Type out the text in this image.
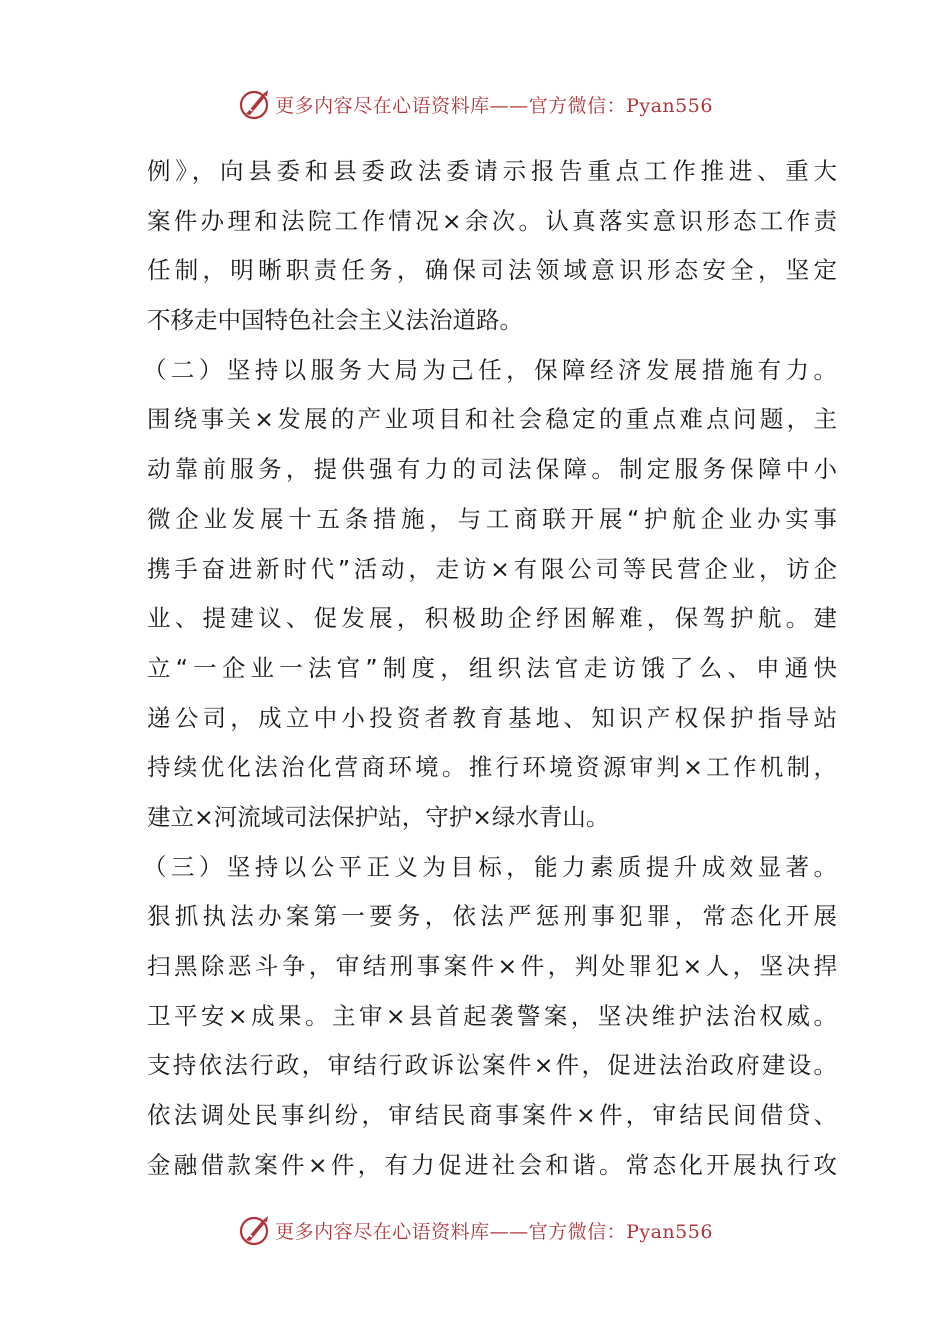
更多内容尽在心语资料库——官方微信：Pyan556
例》，向县委和县委政法委请示报告重点工作推进、重大
案件办理和法院工作情况×余次。认真落实意识形态工作责
任制，明晰职责任务，确保司法领域意识形态安全，坚定
不移走中国特色社会主义法治道路。
（二）坚持以服务大局为己任，保障经济发展措施有力。
围绕事关×发展的产业项目和社会稳定的重点难点问题，主
动靠前服务，提供强有力的司法保障。制定服务保障中小
微企业发展十五条措施，与工商联开展“护航企业办实事
携手奋进新时代”活动，走访×有限公司等民营企业，访企
业、提建议、促发展，积极助企纾困解难，保驾护航。建
立“一企业一法官”制度，组织法官走访饿了么、申通快
递公司，成立中小投资者教育基地、知识产权保护指导站
持续优化法治化营商环境。推行环境资源审判×工作机制，
建立×河流域司法保护站，守护×绿水青山。
（三）坚持以公平正义为目标，能力素质提升成效显著。
狠抓执法办案第一要务，依法严惩刑事犯罪，常态化开展
扫黑除恶斗争，审结刑事案件×件，判处罪犯×人，坚决捍
卫平安×成果。主审×县首起袭警案，坚决维护法治权威。
支持依法行政，审结行政诉讼案件×件，促进法治政府建设。
依法调处民事纠纷，审结民商事案件×件，审结民间借贷、
金融借款案件×件，有力促进社会和谐。常态化开展执行攻
更多内容尽在心语资料库——官方微信：Pyan556
